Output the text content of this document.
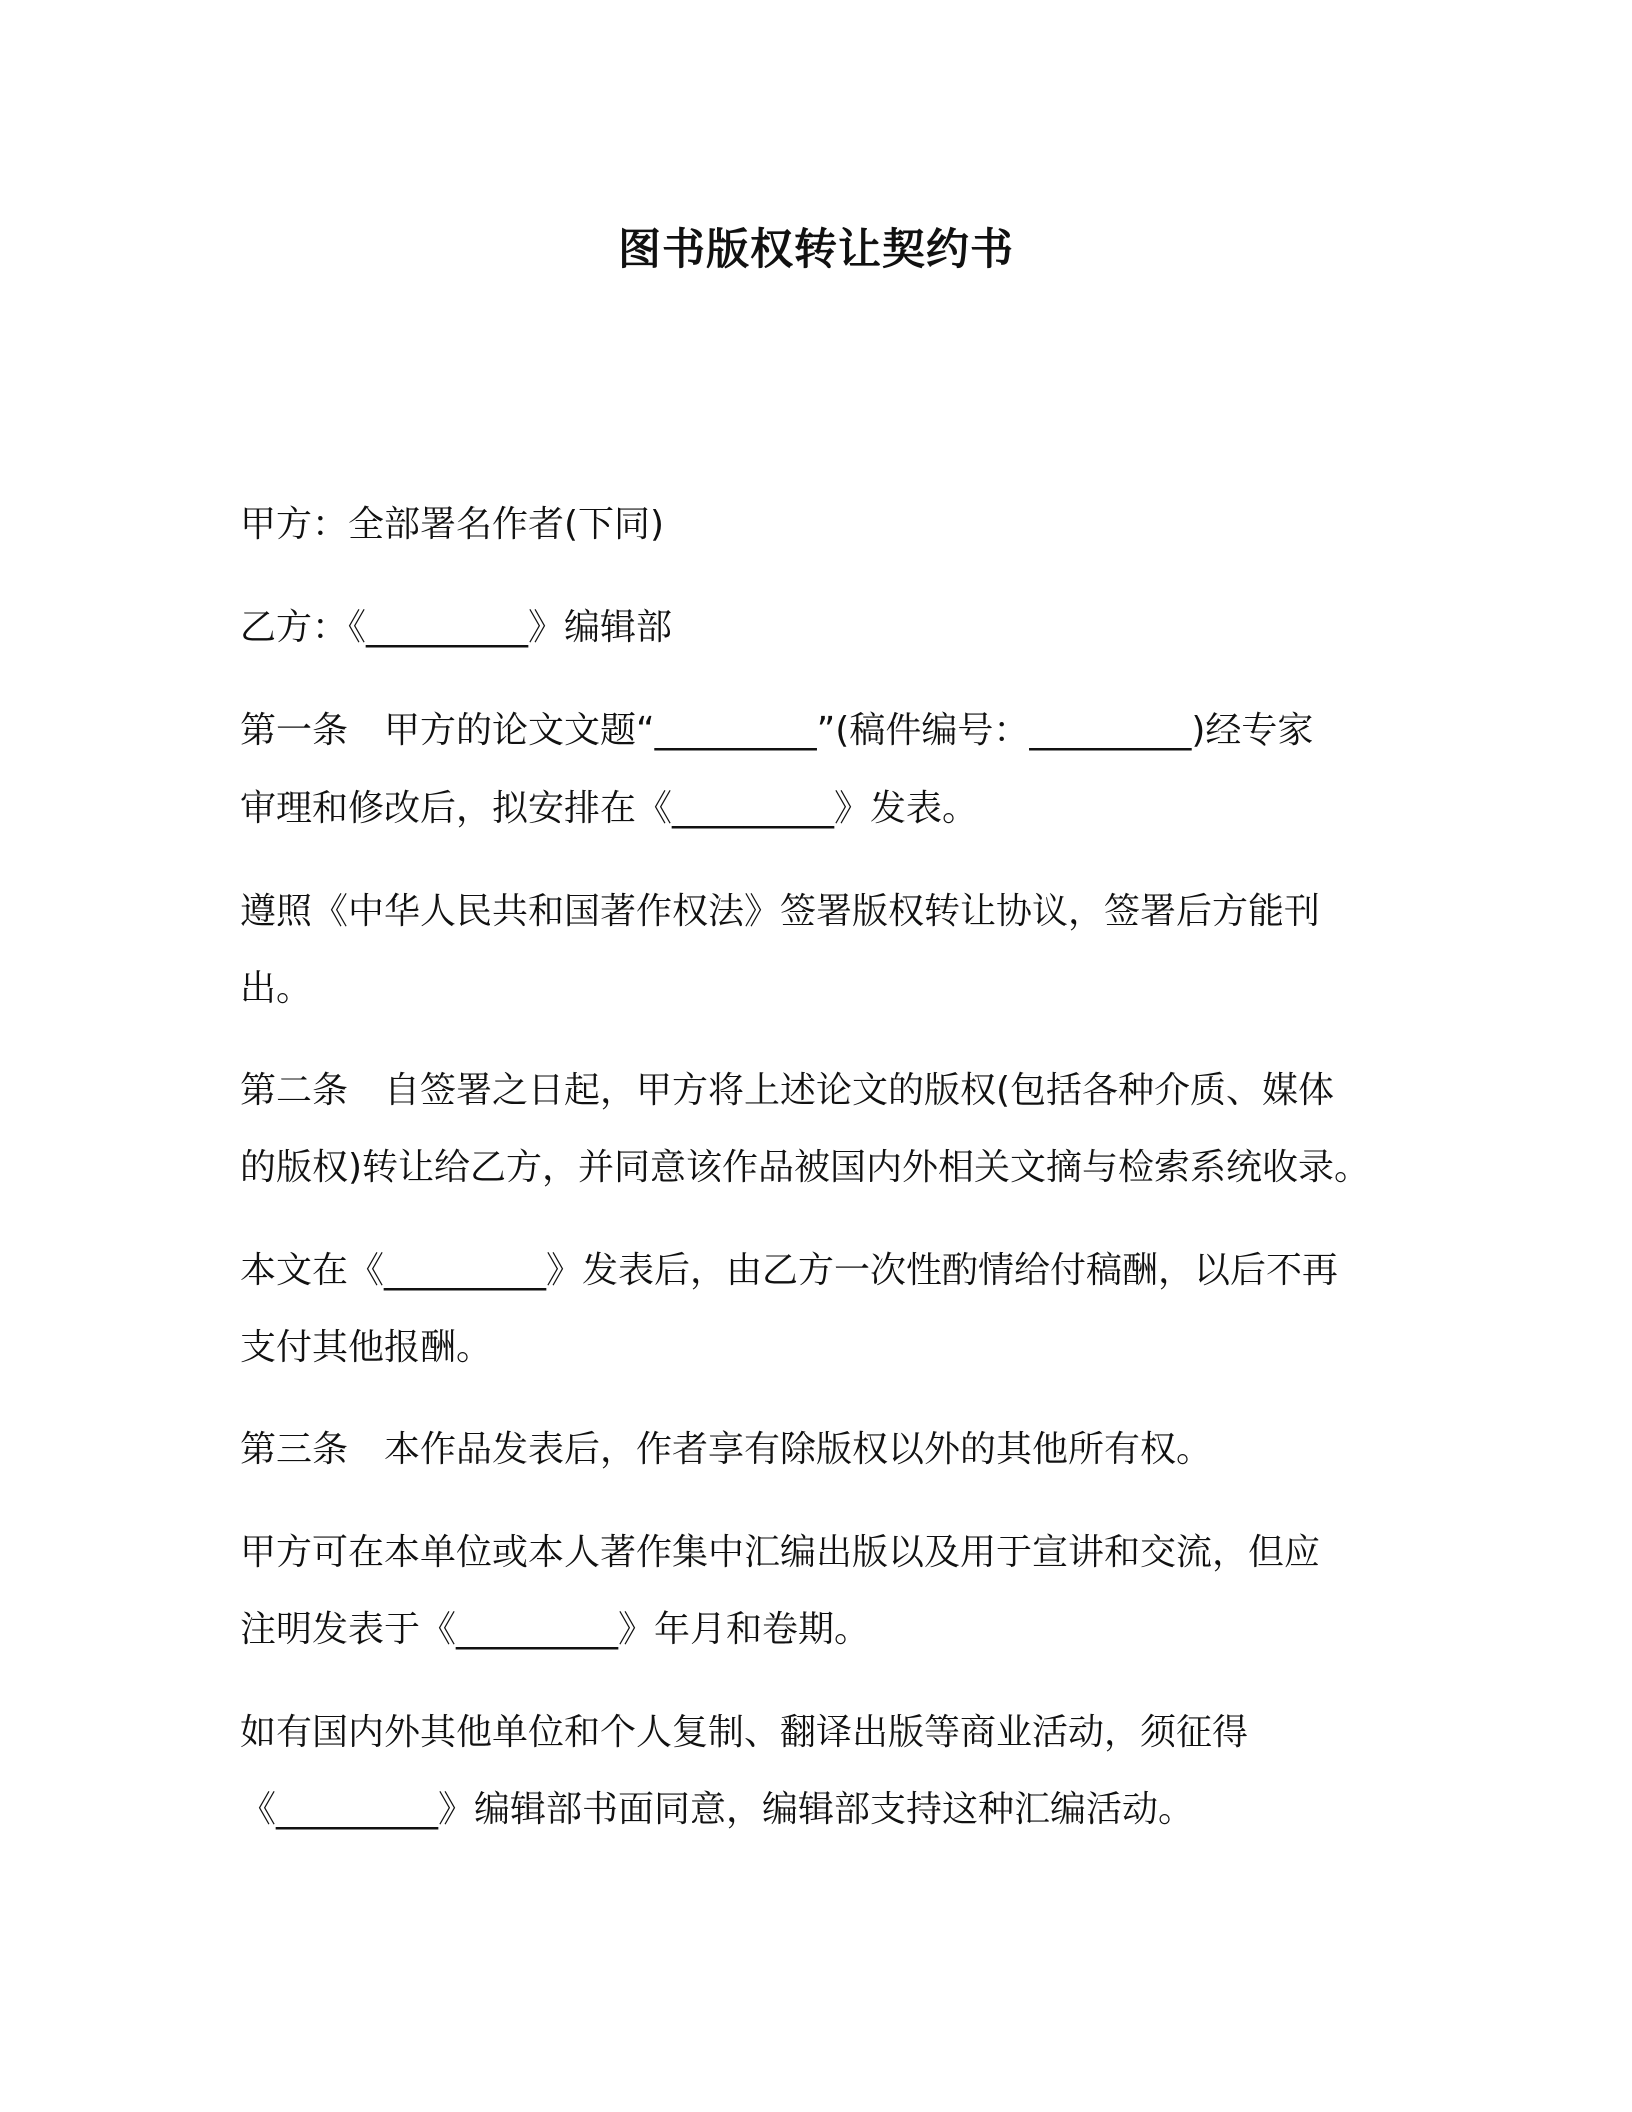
图书版权转让契约书

甲方：全部署名作者(下同)

乙方：《_________》编辑部

第一条　甲方的论文文题“_________”(稿件编号：_________)经专家

审理和修改后，拟安排在《_________》发表。

遵照《中华人民共和国著作权法》签署版权转让协议，签署后方能刊

出。

第二条　自签署之日起，甲方将上述论文的版权(包括各种介质、媒体

的版权)转让给乙方，并同意该作品被国内外相关文摘与检索系统收录。

本文在《_________》发表后，由乙方一次性酌情给付稿酬，以后不再

支付其他报酬。

第三条　本作品发表后，作者享有除版权以外的其他所有权。

甲方可在本单位或本人著作集中汇编出版以及用于宣讲和交流，但应

注明发表于《_________》年月和卷期。

如有国内外其他单位和个人复制、翻译出版等商业活动，须征得

《_________》编辑部书面同意，编辑部支持这种汇编活动。
